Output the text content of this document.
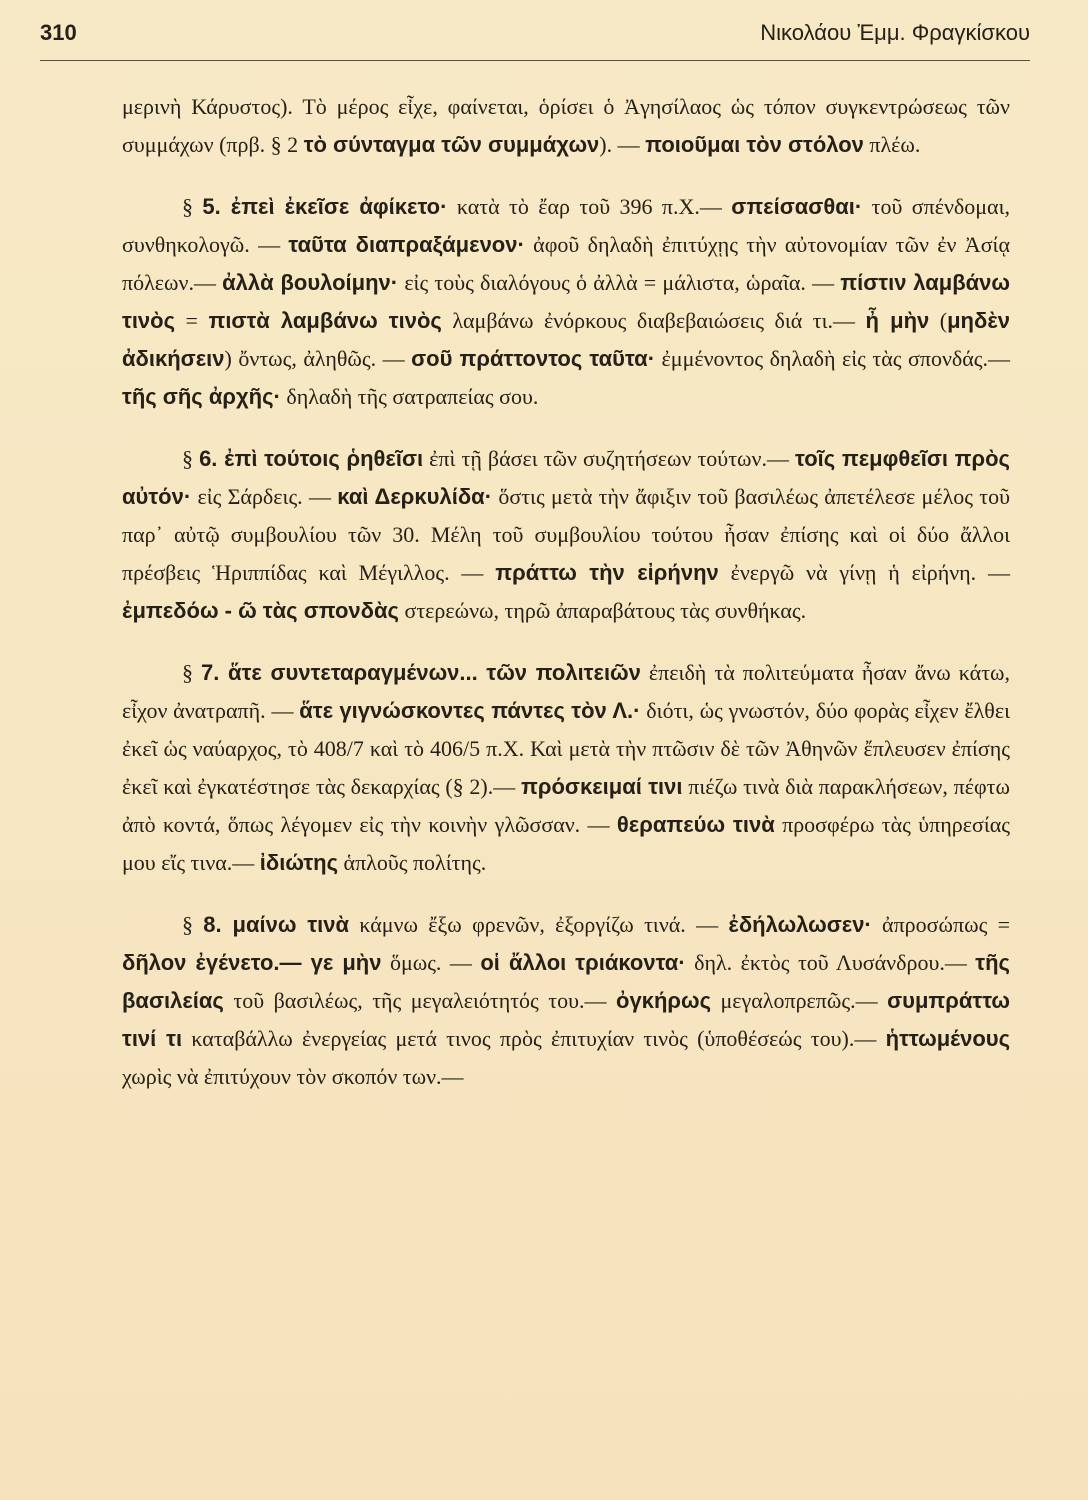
310	Νικολάου Ἐμμ. Φραγκίσκου

μερινὴ Κάρυστος). Τὸ μέρος εἶχε, φαίνεται, ὁρίσει ὁ Ἀγησίλαος ὡς τόπον συγκεντρώσεως τῶν συμμάχων (πρβ. § 2 τὸ σύνταγμα τῶν συμμάχων). — ποιοῦμαι τὸν στόλον πλέω.

§ 5. ἐπεὶ ἐκεῖσε ἀφίκετο· κατὰ τὸ ἔαρ τοῦ 396 π.Χ.— σπείσασθαι· τοῦ σπένδομαι, συνθηκολογῶ. — ταῦτα διαπραξάμενον· ἀφοῦ δηλαδὴ ἐπιτύχῃς τὴν αὐτονομίαν τῶν ἐν Ἀσίᾳ πόλεων.— ἀλλὰ βουλοίμην· εἰς τοὺς διαλόγους ὁ ἀλλὰ = μάλιστα, ὡραῖα. — πίστιν λαμβάνω τινὸς = πιστὰ λαμβάνω τινὸς λαμβάνω ἐνόρκους διαβεβαιώσεις διά τι.— ἦ μὴν (μηδὲν ἀδικήσειν) ὄντως, ἀληθῶς. — σοῦ πράττοντος ταῦτα· ἐμμένοντος δηλαδὴ εἰς τὰς σπονδάς.— τῆς σῆς ἀρχῆς· δηλαδὴ τῆς σατραπείας σου.

§ 6. ἐπὶ τούτοις ῥηθεῖσι ἐπὶ τῇ βάσει τῶν συζητήσεων τούτων.— τοῖς πεμφθεῖσι πρὸς αὐτόν· εἰς Σάρδεις. — καὶ Δερκυλίδα· ὅστις μετὰ τὴν ἄφιξιν τοῦ βασιλέως ἀπετέλεσε μέλος τοῦ παρ᾽ αὐτῷ συμβουλίου τῶν 30. Μέλη τοῦ συμβουλίου τούτου ἦσαν ἐπίσης καὶ οἱ δύο ἄλλοι πρέσβεις Ἡριππίδας καὶ Μέγιλλος. — πράττω τὴν εἰρήνην ἐνεργῶ νὰ γίνῃ ἡ εἰρήνη. — ἐμπεδόω - ῶ τὰς σπονδὰς στερεώνω, τηρῶ ἀπαραβάτους τὰς συνθήκας.

§ 7. ἅτε συντεταραγμένων... τῶν πολιτειῶν ἐπειδὴ τὰ πολιτεύματα ἦσαν ἄνω κάτω, εἶχον ἀνατραπῆ. — ἅτε γιγνώσκοντες πάντες τὸν Λ.· διότι, ὡς γνωστόν, δύο φορὰς εἶχεν ἔλθει ἐκεῖ ὡς ναύαρχος, τὸ 408/7 καὶ τὸ 406/5 π.Χ. Καὶ μετὰ τὴν πτῶσιν δὲ τῶν Ἀθηνῶν ἔπλευσεν ἐπίσης ἐκεῖ καὶ ἐγκατέστησε τὰς δεκαρχίας (§ 2).— πρόσκειμαί τινι πιέζω τινὰ διὰ παρακλήσεων, πέφτω ἀπὸ κοντά, ὅπως λέγομεν εἰς τὴν κοινὴν γλῶσσαν. — θεραπεύω τινὰ προσφέρω τὰς ὑπηρεσίας μου εἴς τινα.— ἰδιώτης ἁπλοῦς πολίτης.

§ 8. μαίνω τινὰ κάμνω ἔξω φρενῶν, ἐξοργίζω τινά. — ἐδήλωλωσεν· ἀπροσώπως = δῆλον ἐγένετο.— γε μὴν ὅμως. — οἱ ἄλλοι τριάκοντα· δηλ. ἐκτὸς τοῦ Λυσάνδρου.— τῆς βασιλείας τοῦ βασιλέως, τῆς μεγαλειότητός του.— ὀγκήρως μεγαλοπρεπῶς.— συμπράττω τινί τι καταβάλλω ἐνεργείας μετά τινος πρὸς ἐπιτυχίαν τινὸς (ὑποθέσεώς του).— ἡττωμένους χωρὶς νὰ ἐπιτύχουν τὸν σκοπόν των.—
